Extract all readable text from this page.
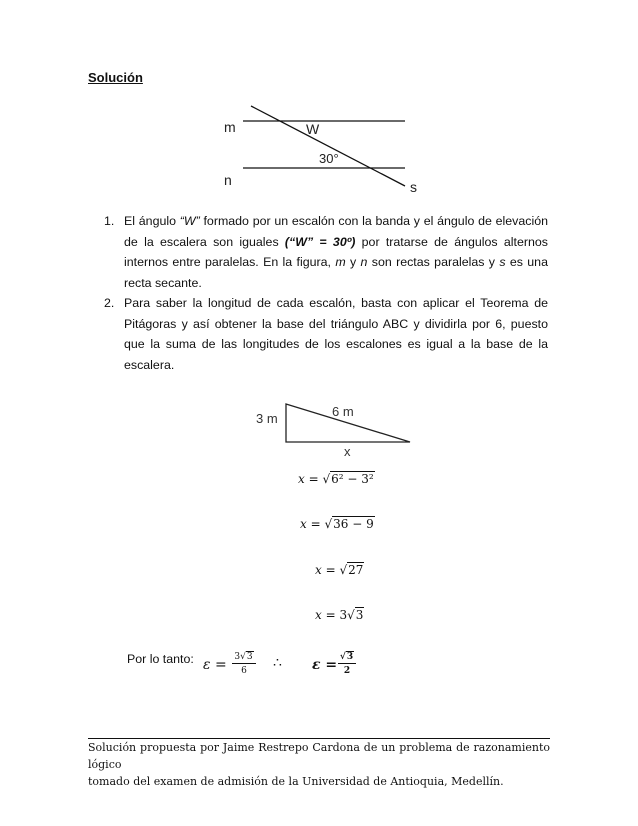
Solución
m
n	s
W
30°
1. El ángulo “W” formado por un escalón con la banda y el ángulo de elevación de la escalera son iguales (“W” = 30º) por tratarse de ángulos alternos internos entre paralelas. En la figura, m y n son rectas paralelas y s es una recta secante.

2. Para saber la longitud de cada escalón, basta con aplicar el Teorema de Pitágoras y así obtener la base del triángulo ABC y dividirla por 6, puesto que la suma de las longitudes de los escalones es igual a la base de la escalera.

3 m	6 m
x
x = √6² − 3²
x = √36 − 9
x = √27
x = 3√3
Por lo tanto: $\varepsilon = \frac{3√3}{6}$ ∴ 𝜺 = $\frac{√3}{2}$
Solución propuesta por Jaime Restrepo Cardona de un problema de razonamiento lógico
tomado del examen de admisión de la Universidad de Antioquia, Medellín.
